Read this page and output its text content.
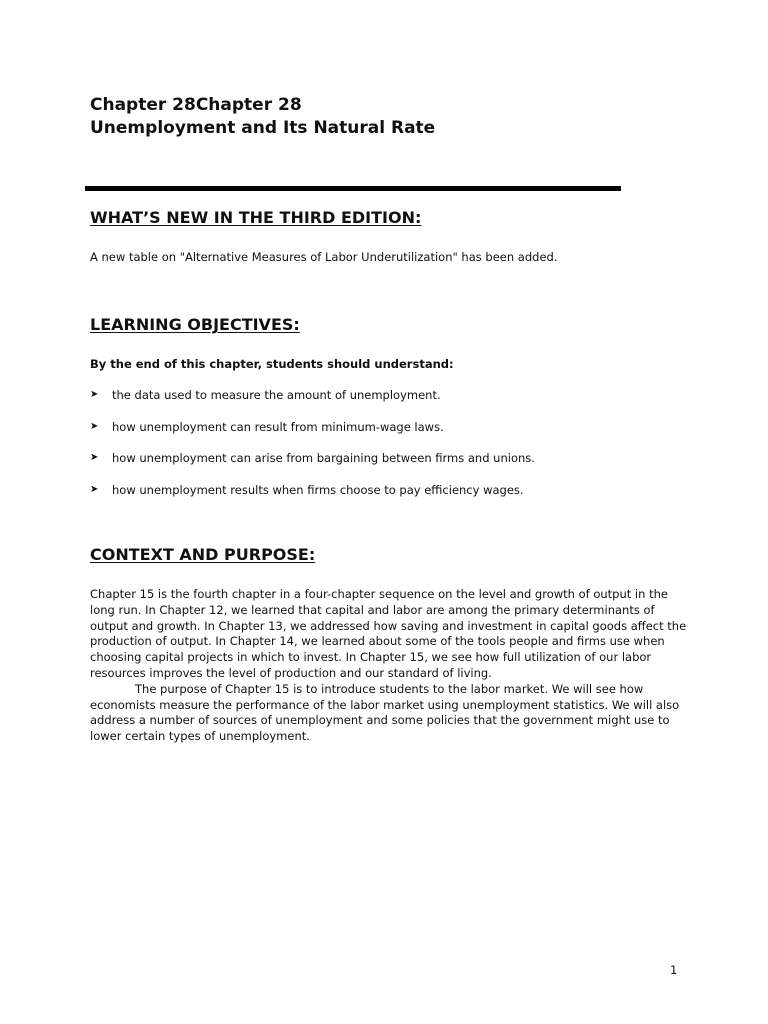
Chapter 28Chapter 28
Unemployment and Its Natural Rate
WHAT’S NEW IN THE THIRD EDITION:

A new table on "Alternative Measures of Labor Underutilization" has been added.

LEARNING OBJECTIVES:
By the end of this chapter, students should understand:
➤	the data used to measure the amount of unemployment.
➤	how unemployment can result from minimum-wage laws.
➤	how unemployment can arise from bargaining between firms and unions.
➤	how unemployment results when firms choose to pay efficiency wages.
CONTEXT AND PURPOSE:
Chapter 15 is the fourth chapter in a four-chapter sequence on the level and growth of output in the long run. In Chapter 12, we learned that capital and labor are among the primary determinants of output and growth. In Chapter 13, we addressed how saving and investment in capital goods affect the production of output. In Chapter 14, we learned about some of the tools people and firms use when choosing capital projects in which to invest. In Chapter 15, we see how full utilization of our labor resources improves the level of production and our standard of living.
The purpose of Chapter 15 is to introduce students to the labor market. We will see how economists measure the performance of the labor market using unemployment statistics. We will also address a number of sources of unemployment and some policies that the government might use to lower certain types of unemployment.
1
